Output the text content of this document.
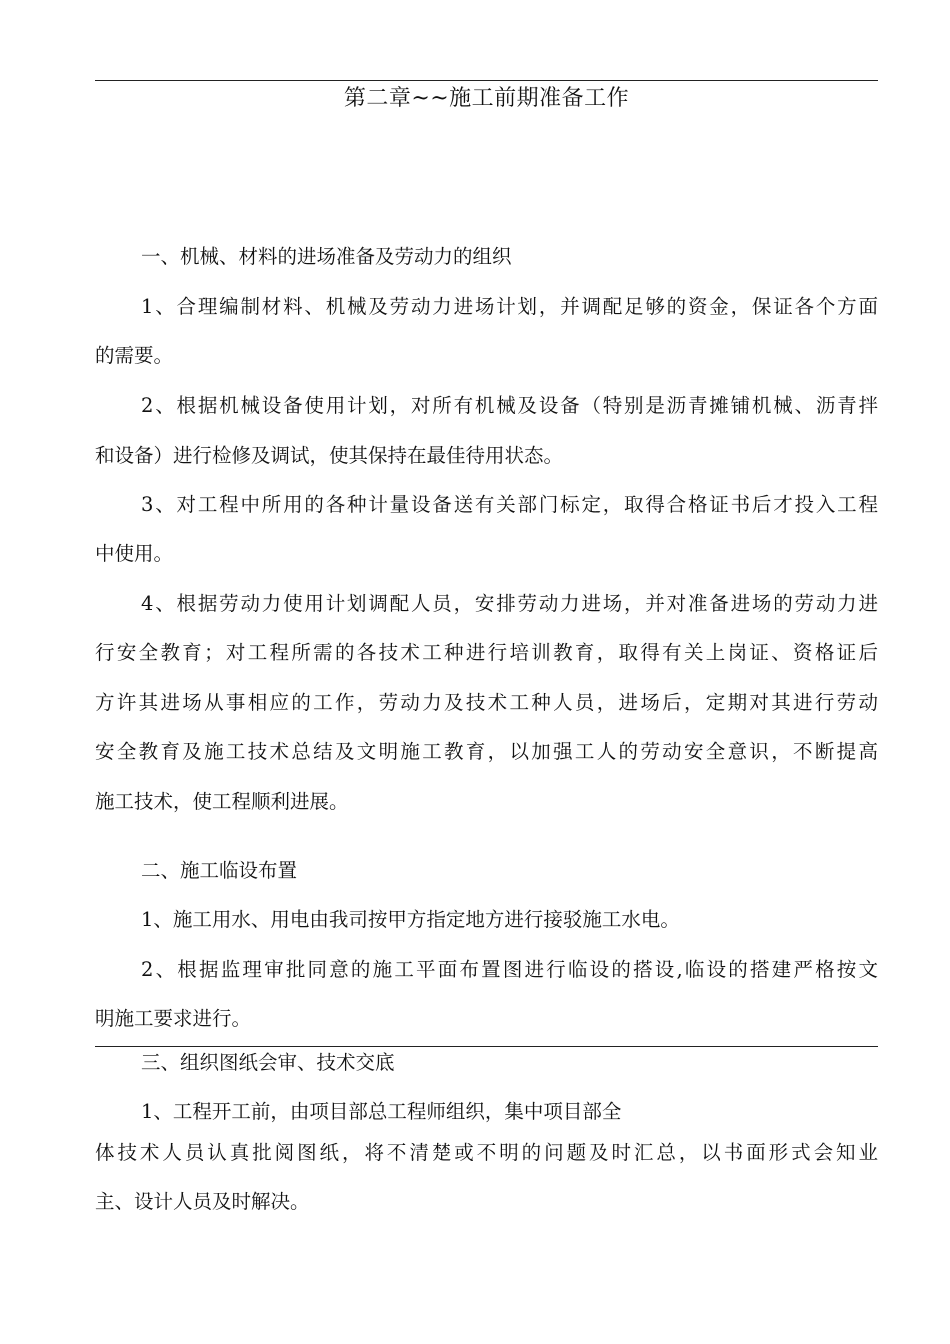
第二章~~施工前期准备工作
一、机械、材料的进场准备及劳动力的组织
1、合理编制材料、机械及劳动力进场计划，并调配足够的资金，保证各个方面
的需要。
2、根据机械设备使用计划，对所有机械及设备（特别是沥青摊铺机械、沥青拌
和设备）进行检修及调试，使其保持在最佳待用状态。
3、对工程中所用的各种计量设备送有关部门标定，取得合格证书后才投入工程
中使用。
4、根据劳动力使用计划调配人员，安排劳动力进场，并对准备进场的劳动力进
行安全教育；对工程所需的各技术工种进行培训教育，取得有关上岗证、资格证后
方许其进场从事相应的工作，劳动力及技术工种人员，进场后，定期对其进行劳动
安全教育及施工技术总结及文明施工教育，以加强工人的劳动安全意识，不断提高
施工技术，使工程顺利进展。
二、施工临设布置
1、施工用水、用电由我司按甲方指定地方进行接驳施工水电。
2、根据监理审批同意的施工平面布置图进行临设的搭设,临设的搭建严格按文
明施工要求进行。
三、组织图纸会审、技术交底
1、工程开工前，由项目部总工程师组织，集中项目部全
体技术人员认真批阅图纸，将不清楚或不明的问题及时汇总，以书面形式会知业
主、设计人员及时解决。
